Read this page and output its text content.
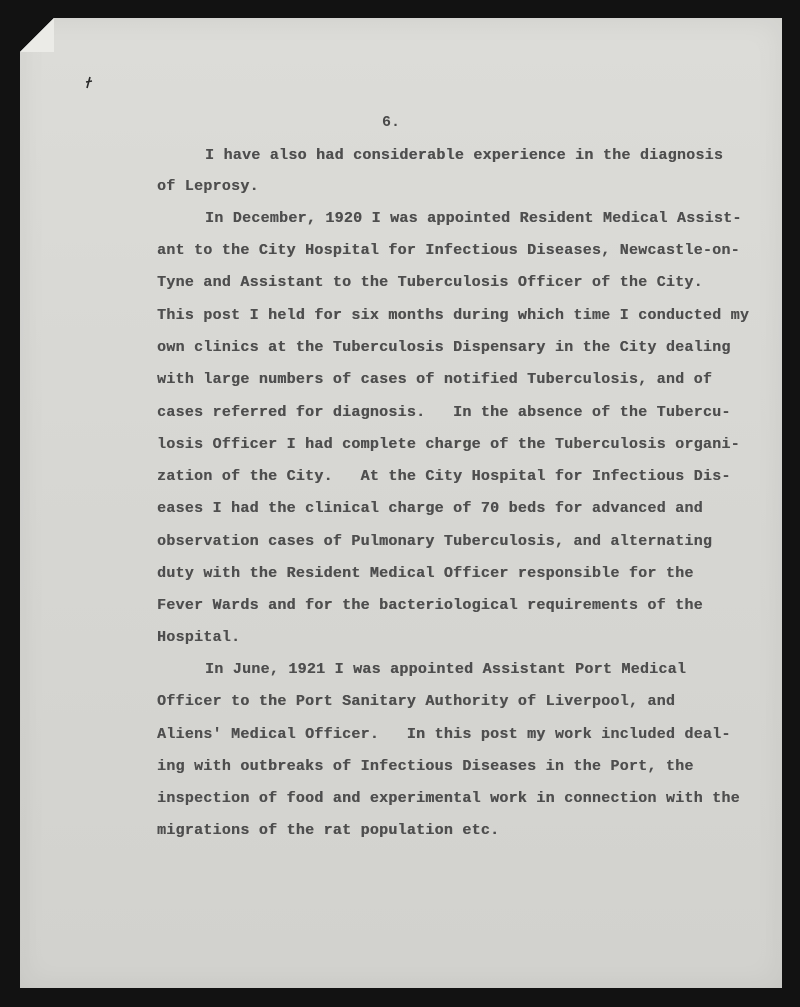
6.
I have also had considerable experience in the diagnosis
of Leprosy.
In December, 1920 I was appointed Resident Medical Assist-
ant to the City Hospital for Infectious Diseases, Newcastle-on-
Tyne and Assistant to the Tuberculosis Officer of the City.
This post I held for six months during which time I conducted my
own clinics at the Tuberculosis Dispensary in the City dealing
with large numbers of cases of notified Tuberculosis, and of
cases referred for diagnosis.   In the absence of the Tubercu-
losis Officer I had complete charge of the Tuberculosis organi-
zation of the City.   At the City Hospital for Infectious Dis-
eases I had the clinical charge of 70 beds for advanced and
observation cases of Pulmonary Tuberculosis, and alternating
duty with the Resident Medical Officer responsible for the
Fever Wards and for the bacteriological requirements of the
Hospital.
In June, 1921 I was appointed Assistant Port Medical
Officer to the Port Sanitary Authority of Liverpool, and
Aliens' Medical Officer.   In this post my work included deal-
ing with outbreaks of Infectious Diseases in the Port, the
inspection of food and experimental work in connection with the
migrations of the rat population etc.
